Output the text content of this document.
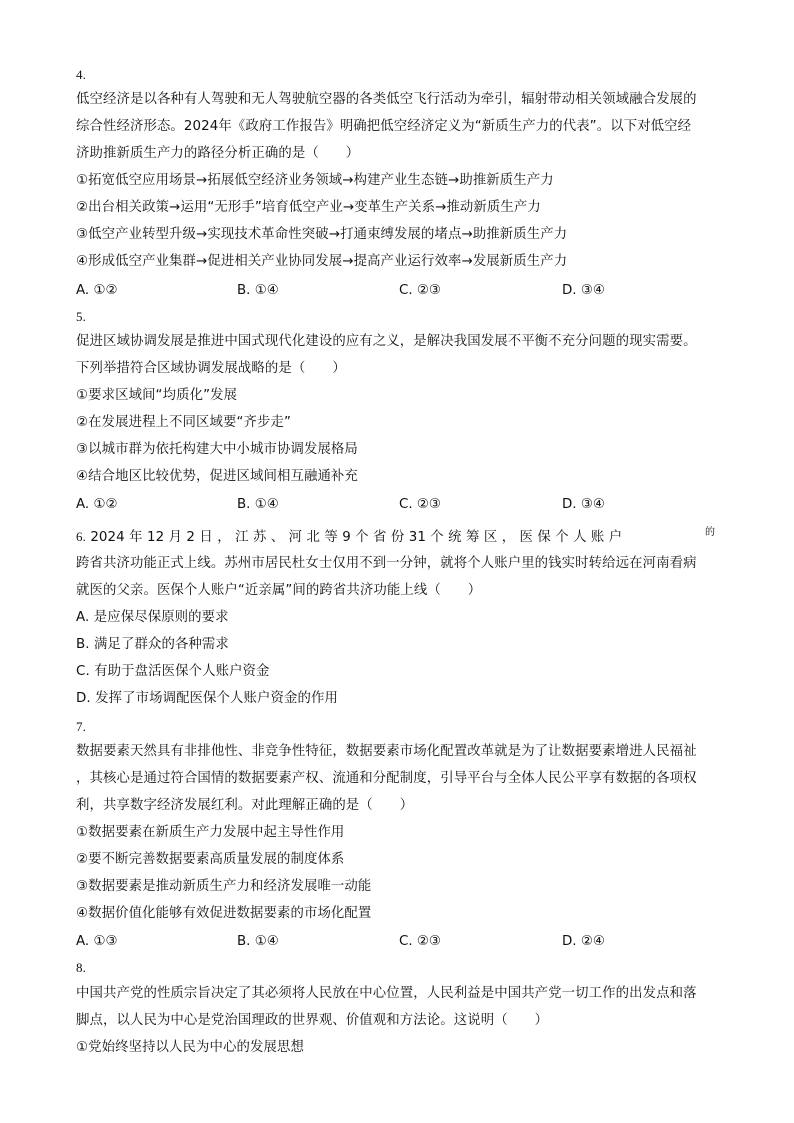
4.
低空经济是以各种有人驾驶和无人驾驶航空器的各类低空飞行活动为牵引，辐射带动相关领域融合发展的
综合性经济形态。2024年《政府工作报告》明确把低空经济定义为“新质生产力的代表”。以下对低空经
济助推新质生产力的路径分析正确的是（　　）
①拓宽低空应用场景→拓展低空经济业务领域→构建产业生态链→助推新质生产力
②出台相关政策→运用“无形手”培育低空产业→变革生产关系→推动新质生产力
③低空产业转型升级→实现技术革命性突破→打通束缚发展的堵点→助推新质生产力
④形成低空产业集群→促进相关产业协同发展→提高产业运行效率→发展新质生产力
A. ①②	B. ①④	C. ②③	D. ③④
5.
促进区域协调发展是推进中国式现代化建设的应有之义，是解决我国发展不平衡不充分问题的现实需要。
下列举措符合区域协调发展战略的是（　　）
①要求区域间“均质化”发展
②在发展进程上不同区域要“齐步走”
③以城市群为依托构建大中小城市协调发展格局
④结合地区比较优势，促进区域间相互融通补充
A. ①②	B. ①④	C. ②③	D. ③④
6. 2024 年 12 月 2 日 ， 江 苏 、 河 北 等 9 个 省 份 31 个 统 筹 区 ， 医 保 个 人 账 户	的
跨省共济功能正式上线。苏州市居民杜女士仅用不到一分钟，就将个人账户里的钱实时转给远在河南看病
就医的父亲。医保个人账户“近亲属”间的跨省共济功能上线（　　）
A. 是应保尽保原则的要求
B. 满足了群众的各种需求
C. 有助于盘活医保个人账户资金
D. 发挥了市场调配医保个人账户资金的作用
7.
数据要素天然具有非排他性、非竞争性特征，数据要素市场化配置改革就是为了让数据要素增进人民福祉
，其核心是通过符合国情的数据要素产权、流通和分配制度，引导平台与全体人民公平享有数据的各项权
利，共享数字经济发展红利。对此理解正确的是（　　）
①数据要素在新质生产力发展中起主导性作用
②要不断完善数据要素高质量发展的制度体系
③数据要素是推动新质生产力和经济发展唯一动能
④数据价值化能够有效促进数据要素的市场化配置
A. ①③	B. ①④	C. ②③	D. ②④
8.
中国共产党的性质宗旨决定了其必须将人民放在中心位置，人民利益是中国共产党一切工作的出发点和落
脚点，以人民为中心是党治国理政的世界观、价值观和方法论。这说明（　　）
①党始终坚持以人民为中心的发展思想
